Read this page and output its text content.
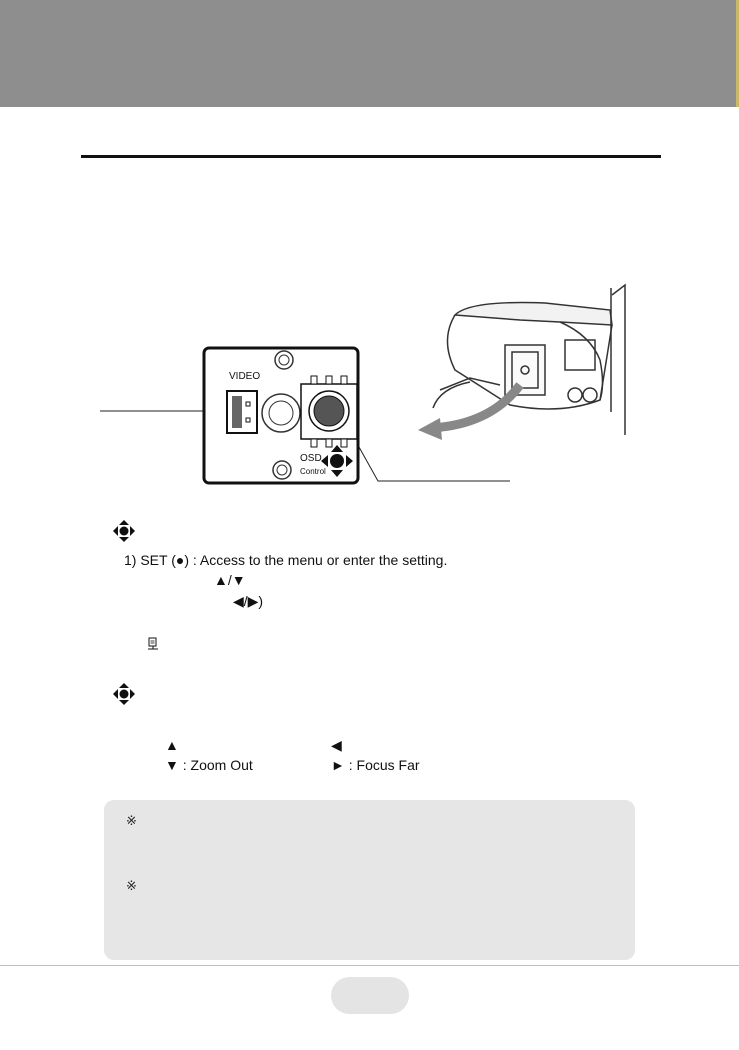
VIDEO
OSD
Control
1) SET (●) : Access to the menu or enter the setting.
▲/▼
◀/▶)
▲
▼ : Zoom Out
◀
► : Focus Far
※
※
